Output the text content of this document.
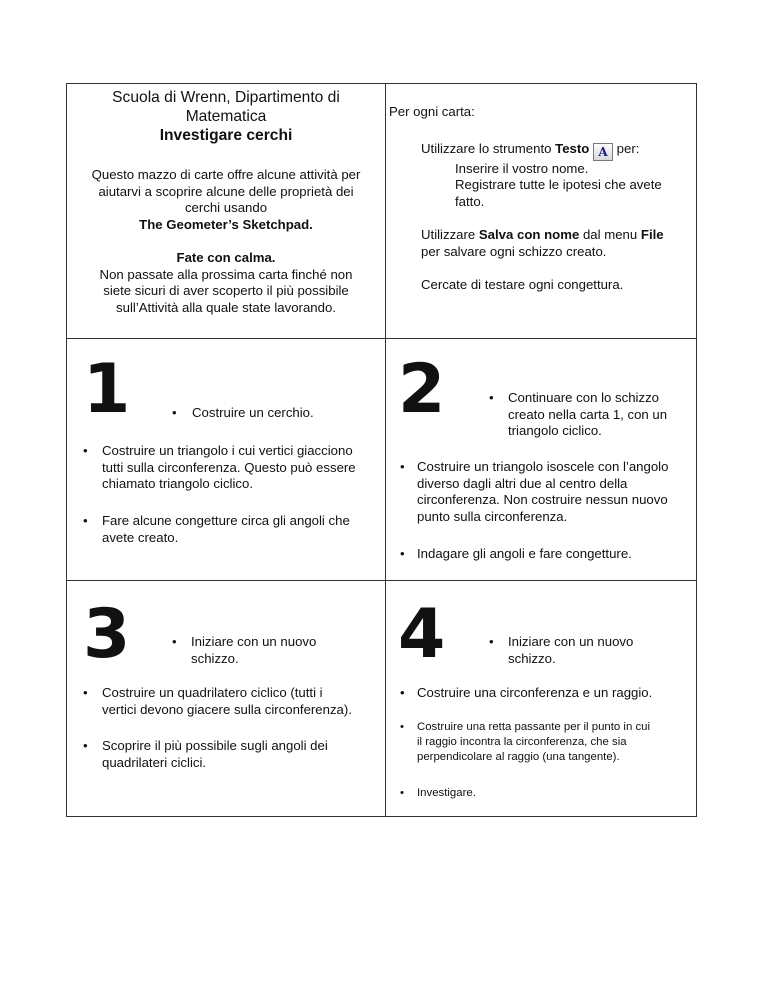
Scuola di Wrenn, Dipartimento di
Matematica
Investigare cerchi
Questo mazzo di carte offre alcune attività per
aiutarvi a scoprire alcune delle proprietà dei
cerchi usando
The Geometer’s Sketchpad.
Fate con calma.
Non passate alla prossima carta finché non
siete sicuri di aver scoperto il più possibile
sull’Attività alla quale state lavorando.
Per ogni carta:
Utilizzare lo strumento Testo A per:
Inserire il vostro nome.
Registrare tutte le ipotesi che avete
fatto.
Utilizzare Salva con nome dal menu File
per salvare ogni schizzo creato.
Cercate di testare ogni congettura.
1	•	Costruire un cerchio.
•	Costruire un triangolo i cui vertici giacciono
tutti sulla circonferenza. Questo può essere
chiamato triangolo ciclico.
•	Fare alcune congetture circa gli angoli che
avete creato.
2	•	Continuare con lo schizzo
creato nella carta 1, con un
triangolo ciclico.
• Costruire un triangolo isoscele con l’angolo
diverso dagli altri due al centro della
circonferenza. Non costruire nessun nuovo
punto sulla circonferenza.
• Indagare gli angoli e fare congetture.
3	•	Iniziare con un nuovo
schizzo.
•	Costruire un quadrilatero ciclico (tutti i
vertici devono giacere sulla circonferenza).
•	Scoprire il più possibile sugli angoli dei
quadrilateri ciclici.
4	•	Iniziare con un nuovo
schizzo.
• Costruire una circonferenza e un raggio.
•	Costruire una retta passante per il punto in cui
il raggio incontra la circonferenza, che sia
perpendicolare al raggio (una tangente).
•	Investigare.
